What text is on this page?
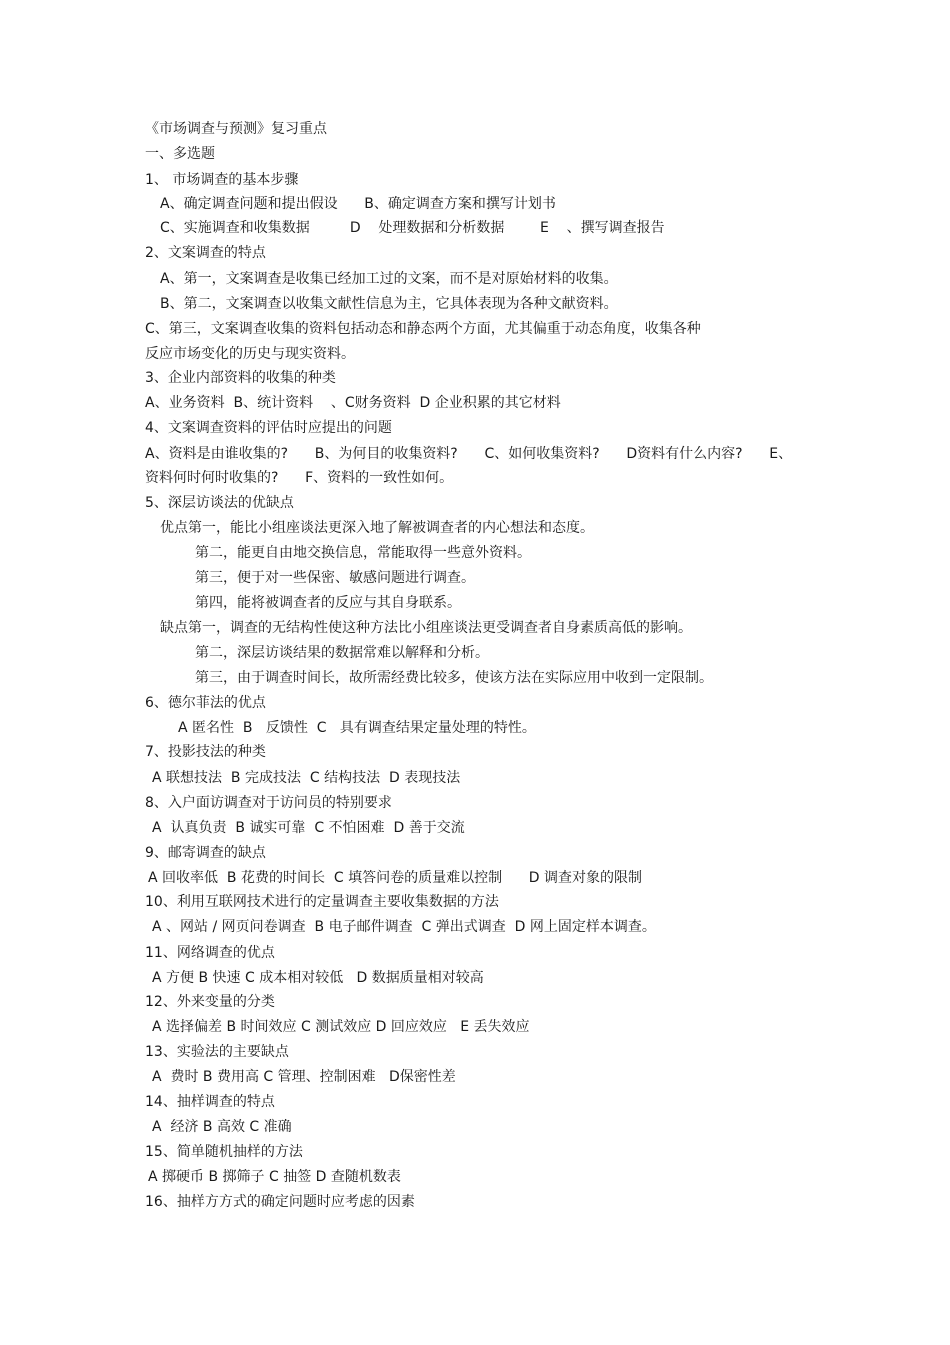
《市场调查与预测》复习重点
一、多选题
1、 市场调查的基本步骤
A、确定调查问题和提出假设      B、确定调查方案和撰写计划书
C、实施调查和收集数据         D    处理数据和分析数据        E    、撰写调查报告
2、文案调查的特点
A、第一，文案调查是收集已经加工过的文案，而不是对原始材料的收集。
B、第二，文案调查以收集文献性信息为主，它具体表现为各种文献资料。
C、第三，文案调查收集的资料包括动态和静态两个方面，尤其偏重于动态角度，收集各种
反应市场变化的历史与现实资料。
3、企业内部资料的收集的种类
A、业务资料  B、统计资料    、C财务资料  D 企业积累的其它材料
4、文案调查资料的评估时应提出的问题
A、资料是由谁收集的?      B、为何目的收集资料?      C、如何收集资料?      D资料有什么内容?      E、
资料何时何时收集的?      F、资料的一致性如何。
5、深层访谈法的优缺点
优点第一，能比小组座谈法更深入地了解被调查者的内心想法和态度。
第二，能更自由地交换信息，常能取得一些意外资料。
第三，便于对一些保密、敏感问题进行调查。
第四，能将被调查者的反应与其自身联系。
缺点第一，调查的无结构性使这种方法比小组座谈法更受调查者自身素质高低的影响。
第二，深层访谈结果的数据常难以解释和分析。
第三，由于调查时间长，故所需经费比较多，使该方法在实际应用中收到一定限制。
6、德尔菲法的优点
A 匿名性  B   反馈性  C   具有调查结果定量处理的特性。
7、投影技法的种类
A 联想技法  B 完成技法  C 结构技法  D 表现技法
8、入户面访调查对于访问员的特别要求
A  认真负责  B 诚实可靠  C 不怕困难  D 善于交流
9、邮寄调查的缺点
A 回收率低  B 花费的时间长  C 填答问卷的质量难以控制      D 调查对象的限制
10、利用互联网技术进行的定量调查主要收集数据的方法
A 、网站 / 网页问卷调查  B 电子邮件调查  C 弹出式调查  D 网上固定样本调查。
11、网络调查的优点
A 方便 B 快速 C 成本相对较低   D 数据质量相对较高
12、外来变量的分类
A 选择偏差 B 时间效应 C 测试效应 D 回应效应   E 丢失效应
13、实验法的主要缺点
A  费时 B 费用高 C 管理、控制困难   D保密性差
14、抽样调查的特点
A  经济 B 高效 C 准确
15、简单随机抽样的方法
A 掷硬币 B 掷筛子 C 抽签 D 查随机数表
16、抽样方方式的确定问题时应考虑的因素
